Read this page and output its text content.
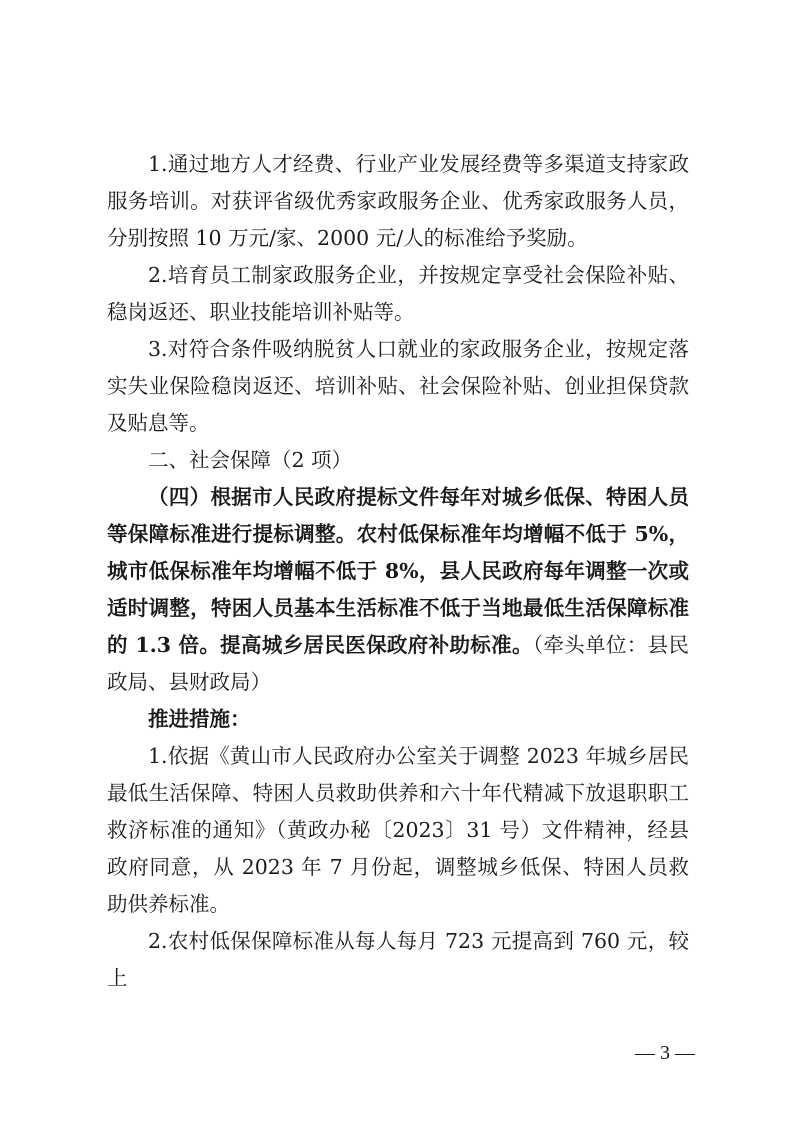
1.通过地方人才经费、行业产业发展经费等多渠道支持家政服务培训。对获评省级优秀家政服务企业、优秀家政服务人员，分别按照 10 万元/家、2000 元/人的标准给予奖励。

2.培育员工制家政服务企业，并按规定享受社会保险补贴、稳岗返还、职业技能培训补贴等。

3.对符合条件吸纳脱贫人口就业的家政服务企业，按规定落实失业保险稳岗返还、培训补贴、社会保险补贴、创业担保贷款及贴息等。

二、社会保障（2 项）

（四）根据市人民政府提标文件每年对城乡低保、特困人员等保障标准进行提标调整。农村低保标准年均增幅不低于 5%，城市低保标准年均增幅不低于 8%，县人民政府每年调整一次或适时调整，特困人员基本生活标准不低于当地最低生活保障标准的 1.3 倍。提高城乡居民医保政府补助标准。（牵头单位：县民政局、县财政局）

推进措施：

1.依据《黄山市人民政府办公室关于调整 2023 年城乡居民最低生活保障、特困人员救助供养和六十年代精减下放退职职工救济标准的通知》（黄政办秘〔2023〕31 号）文件精神，经县政府同意，从 2023 年 7 月份起，调整城乡低保、特困人员救助供养标准。

2.农村低保保障标准从每人每月 723 元提高到 760 元，较上

— 3 —
